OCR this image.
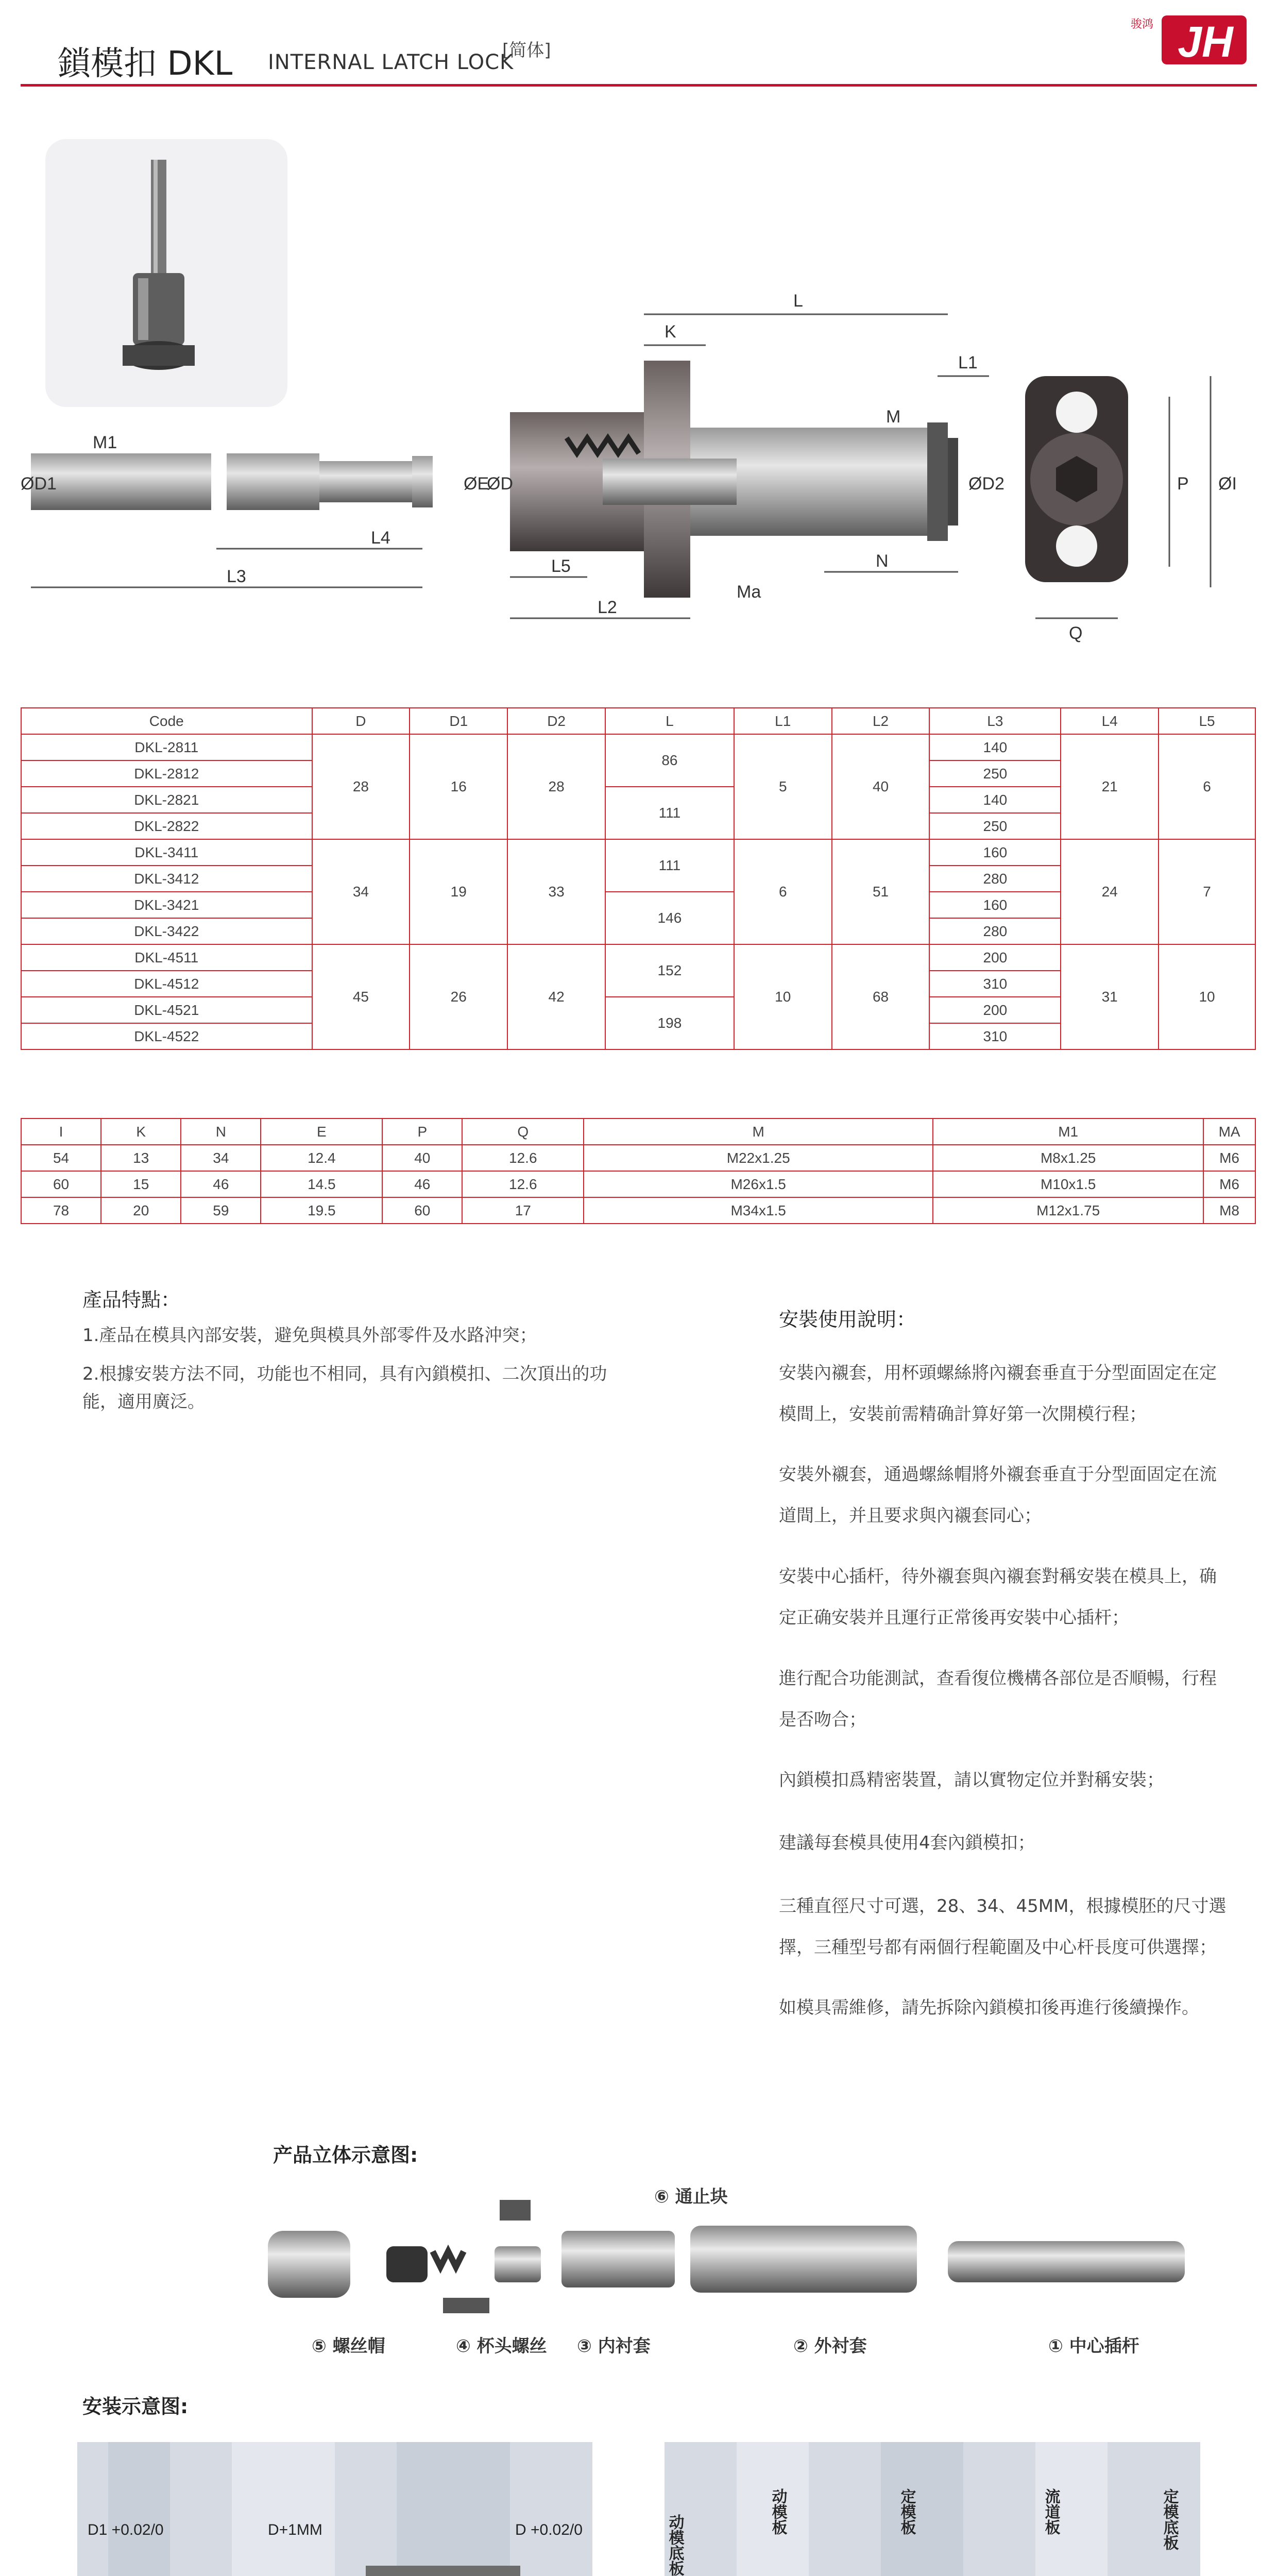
鎖模扣 DKL INTERNAL LATCH LOCK
[简体]
骏鸿 JH
L
K
L1
M
M1
ØD1	ØE
ØD	ØD2	P ØI
L4
L3
L5
L2
N
Q
Ma
Code	D	D1	D2	L	L1	L2	L3	L4	L5
DKL-2811	28	16	28	86	5	40	140	21	6
DKL-2812							250		
DKL-2821				111			140		
DKL-2822							250		
DKL-3411	34	19	33	111	6	51	160	24	7
DKL-3412							280		
DKL-3421				146			160		
DKL-3422							280		
DKL-4511	45	26	42	152	10	68	200	31	10
DKL-4512							310		
DKL-4521				198			200		
DKL-4522							310		
I	K	N	E	P	Q	M	M1	MA
54	13	34	12.4	40	12.6	M22x1.25	M8x1.25	M6
60	15	46	14.5	46	12.6	M26x1.5	M10x1.5	M6
78	20	59	19.5	60	17	M34x1.5	M12x1.75	M8
產品特點：
1.產品在模具內部安裝，避免與模具外部零件及水路沖突；
2.根據安裝方法不同，功能也不相同，具有內鎖模扣、二次頂出的功能，適用廣泛。
安裝使用說明：
安裝內襯套，用杯頭螺絲將內襯套垂直于分型面固定在定模間上，安裝前需精确計算好第一次開模行程；
安裝外襯套，通過螺絲帽將外襯套垂直于分型面固定在流道間上，并且要求與內襯套同心；
安裝中心插杆，待外襯套與內襯套對稱安裝在模具上，确定正确安裝并且運行正常後再安裝中心插杆；
進行配合功能測試，查看復位機構各部位是否順暢，行程是否吻合；
內鎖模扣爲精密裝置，請以實物定位并對稱安裝；
建議每套模具使用4套內鎖模扣；
三種直徑尺寸可選，28、34、45MM，根據模胚的尺寸選擇，三種型号都有兩個行程範圍及中心杆長度可供選擇；
如模具需維修，請先拆除內鎖模扣後再進行後續操作。
产品立体示意图:
⑥ 通止块
⑤ 螺丝帽	④ 杯头螺丝 ③ 内衬套	② 外衬套	① 中心插杆
安装示意图:
D1 +0.02/0	D+1MM	D +0.02/0	动模底板
动模板	定模板	流道板	定模底板
